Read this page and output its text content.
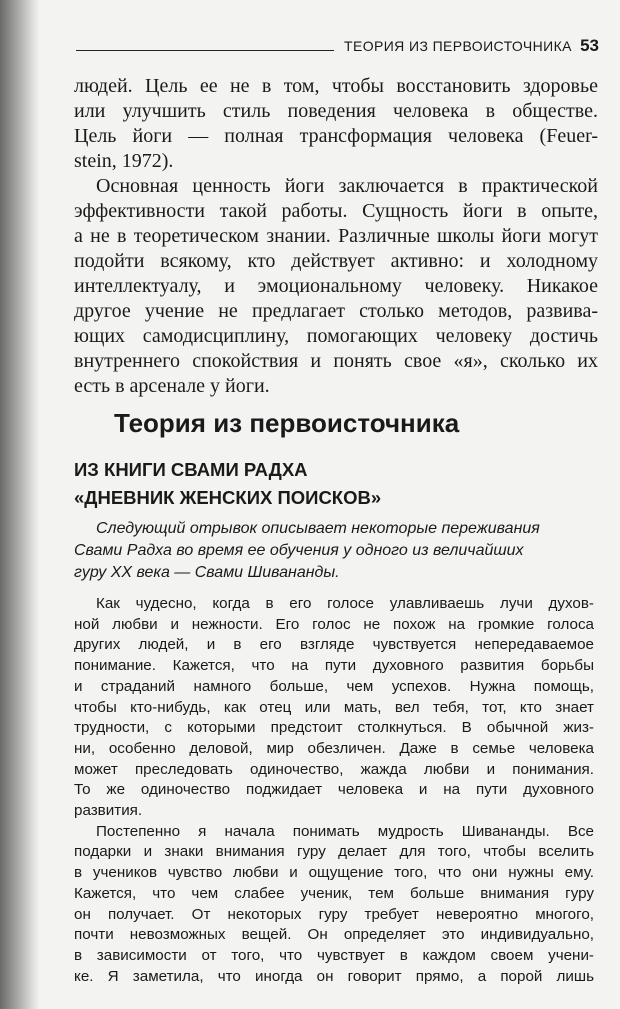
ТЕОРИЯ ИЗ ПЕРВОИСТОЧНИКА 53

людей. Цель ее не в том, чтобы восстановить здоровье
или улучшить стиль поведения человека в обществе.
Цель йоги — полная трансформация человека (Feuer-
stein, 1972).

Основная ценность йоги заключается в практической
эффективности такой работы. Сущность йоги в опыте,
а не в теоретическом знании. Различные школы йоги могут
подойти всякому, кто действует активно: и холодному
интеллектуалу, и эмоциональному человеку. Никакое
другое учение не предлагает столько методов, развива-
ющих самодисциплину, помогающих человеку достичь
внутреннего спокойствия и понять свое «я», сколько их
есть в арсенале у йоги.

Теория из первоисточника
ИЗ КНИГИ СВАМИ РАДХА
«ДНЕВНИК ЖЕНСКИХ ПОИСКОВ»
Следующий отрывок описывает некоторые переживания
Свами Радха во время ее обучения у одного из величайших
гуру XX века — Свами Шивананды.

Как чудесно, когда в его голосе улавливаешь лучи духов-
ной любви и нежности. Его голос не похож на громкие голоса
других людей, и в его взгляде чувствуется непередаваемое
понимание. Кажется, что на пути духовного развития борьбы
и страданий намного больше, чем успехов. Нужна помощь,
чтобы кто-нибудь, как отец или мать, вел тебя, тот, кто знает
трудности, с которыми предстоит столкнуться. В обычной жиз-
ни, особенно деловой, мир обезличен. Даже в семье человека
может преследовать одиночество, жажда любви и понимания.
То же одиночество поджидает человека и на пути духовного
развития.

Постепенно я начала понимать мудрость Шивананды. Все
подарки и знаки внимания гуру делает для того, чтобы вселить
в учеников чувство любви и ощущение того, что они нужны ему.
Кажется, что чем слабее ученик, тем больше внимания гуру
он получает. От некоторых гуру требует невероятно многого,
почти невозможных вещей. Он определяет это индивидуально,
в зависимости от того, что чувствует в каждом своем учени-
ке. Я заметила, что иногда он говорит прямо, а порой лишь
